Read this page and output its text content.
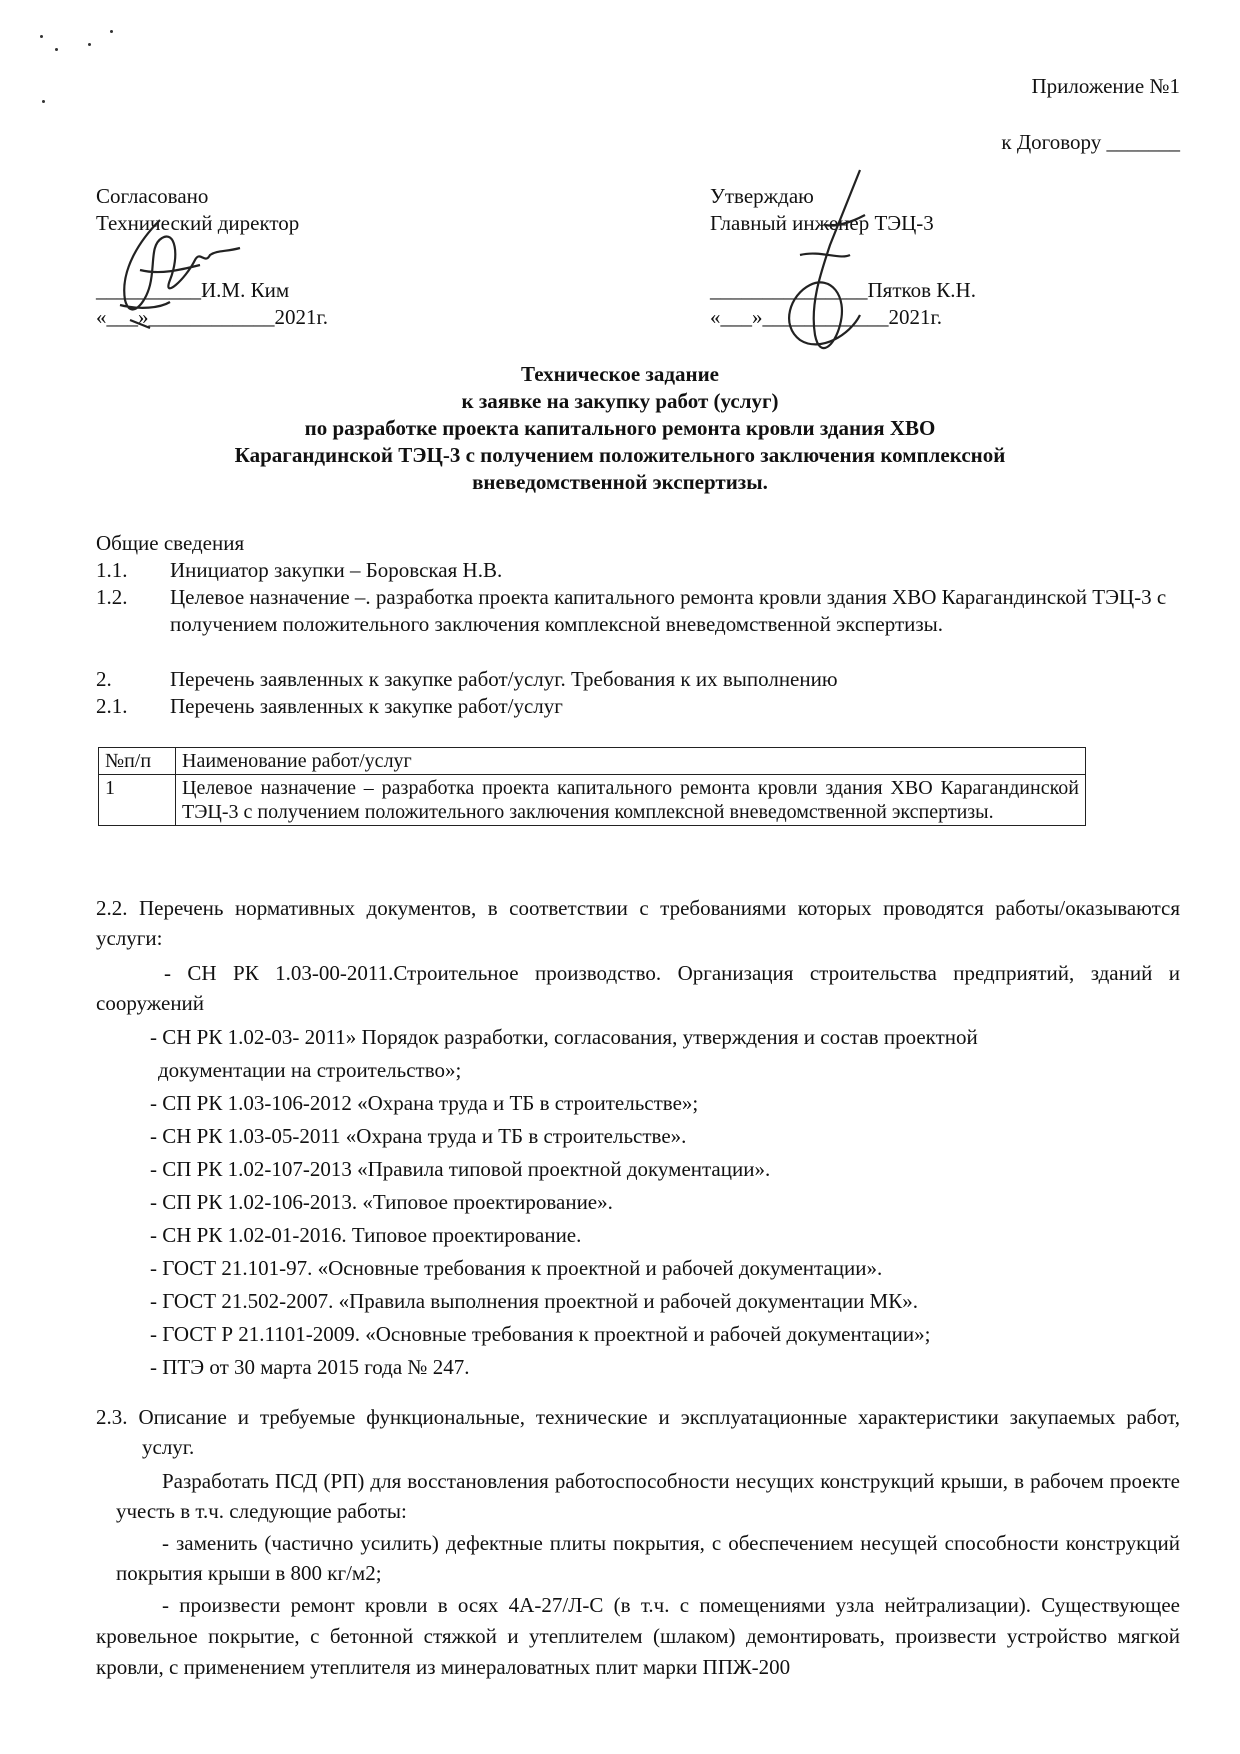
Приложение №1
к Договору _______
Согласовано
Технический директор
__________И.М. Ким
«___»____________2021г.
Утверждаю
Главный инженер ТЭЦ-3
_______________Пятков К.Н.
«___»____________2021г.
Техническое задание
к заявке на закупку работ (услуг)
по разработке проекта капитального ремонта кровли здания ХВО
Карагандинской ТЭЦ-3 с получением положительного заключения комплексной
вневедомственной экспертизы.
Общие сведения
1.1. Инициатор закупки – Боровская Н.В.
1.2. Целевое назначение –. разработка проекта капитального ремонта кровли здания ХВО Карагандинской ТЭЦ-3 с получением положительного заключения комплексной вневедомственной экспертизы.
2.	Перечень заявленных к закупке работ/услуг. Требования к их выполнению
2.1. Перечень заявленных к закупке работ/услуг
№п/п	Наименование работ/услуг
1	Целевое назначение – разработка проекта капитального ремонта кровли здания ХВО Карагандинской ТЭЦ-3 с получением положительного заключения комплексной вневедомственной экспертизы.
2.2. Перечень нормативных документов, в соответствии с требованиями которых проводятся работы/оказываются услуги:
- СН РК 1.03-00-2011.Строительное производство. Организация строительства предприятий, зданий и сооружений
- СН РК 1.02-03- 2011» Порядок разработки, согласования, утверждения и состав проектной
документации на строительство»;
- СП РК 1.03-106-2012 «Охрана труда и ТБ в строительстве»;
- СН РК 1.03-05-2011 «Охрана труда и ТБ в строительстве».
- СП РК 1.02-107-2013 «Правила типовой проектной документации».
- СП РК 1.02-106-2013. «Типовое проектирование».
- СН РК 1.02-01-2016. Типовое проектирование.
- ГОСТ 21.101-97. «Основные требования к проектной и рабочей документации».
- ГОСТ 21.502-2007. «Правила выполнения проектной и рабочей документации МК».
- ГОСТ Р 21.1101-2009. «Основные требования к проектной и рабочей документации»;
- ПТЭ от 30 марта 2015 года № 247.
2.3. Описание и требуемые функциональные, технические и эксплуатационные характеристики закупаемых работ, услуг.
Разработать ПСД (РП) для восстановления работоспособности несущих конструкций крыши, в рабочем проекте учесть в т.ч. следующие работы:
- заменить (частично усилить) дефектные плиты покрытия, с обеспечением несущей способности конструкций покрытия крыши в 800 кг/м2;
- произвести ремонт кровли в осях 4А-27/Л-С (в т.ч. с помещениями узла нейтрализации). Существующее кровельное покрытие, с бетонной стяжкой и утеплителем (шлаком) демонтировать, произвести устройство мягкой кровли, с применением утеплителя из минераловатных плит марки ППЖ-200
